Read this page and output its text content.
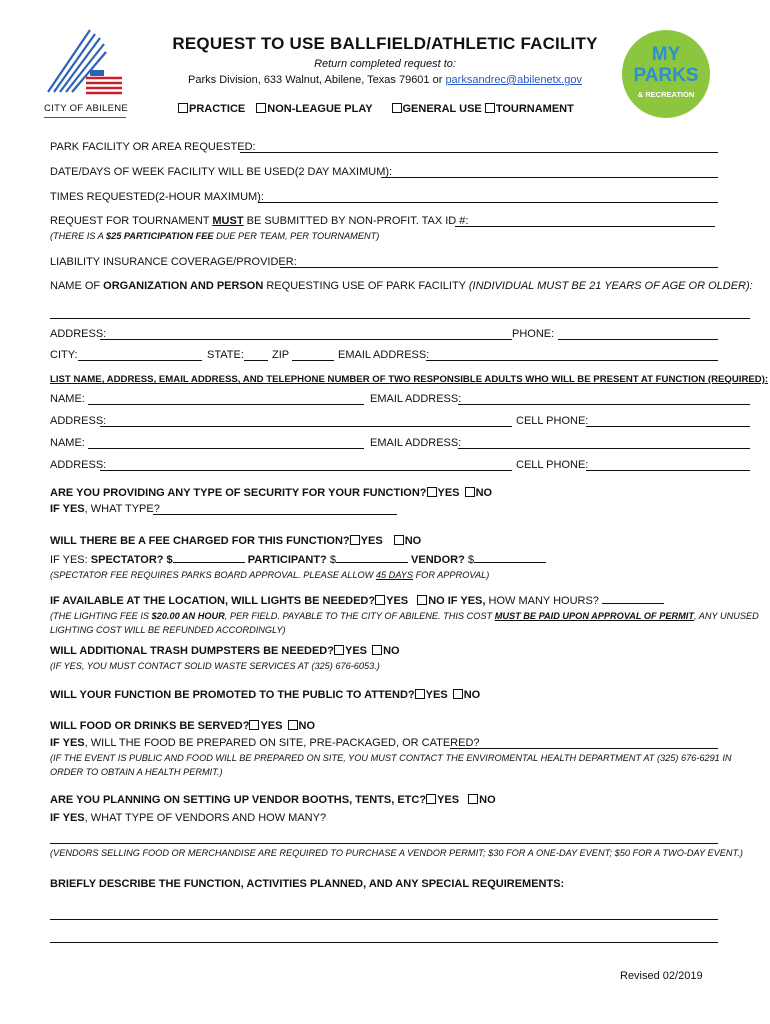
CITY OF ABILENE
MY
PARKS
& RECREATION
REQUEST TO USE BALLFIELD/ATHLETIC FACILITY
Return completed request to:
Parks Division, 633 Walnut, Abilene, Texas 79601 or parksandrec@abilenetx.gov
PRACTICE NON-LEAGUE PLAY	GENERAL USE TOURNAMENT
PARK FACILITY OR AREA REQUESTED:
DATE/DAYS OF WEEK FACILITY WILL BE USED(2 DAY MAXIMUM):
TIMES REQUESTED(2-HOUR MAXIMUM):
REQUEST FOR TOURNAMENT MUST BE SUBMITTED BY NON-PROFIT. TAX ID #:
(THERE IS A $25 PARTICIPATION FEE DUE PER TEAM, PER TOURNAMENT)
LIABILITY INSURANCE COVERAGE/PROVIDER:
NAME OF ORGANIZATION AND PERSON REQUESTING USE OF PARK FACILITY (INDIVIDUAL MUST BE 21 YEARS OF AGE OR OLDER):
ADDRESS:	PHONE:
CITY:	STATE:	ZIP	EMAIL ADDRESS:
LIST NAME, ADDRESS, EMAIL ADDRESS, AND TELEPHONE NUMBER OF TWO RESPONSIBLE ADULTS WHO WILL BE PRESENT AT FUNCTION (REQUIRED):
NAME:	EMAIL ADDRESS:
ADDRESS:	CELL PHONE:
NAME:	EMAIL ADDRESS:
ADDRESS:	CELL PHONE:
ARE YOU PROVIDING ANY TYPE OF SECURITY FOR YOUR FUNCTION? YES NO
IF YES, WHAT TYPE?
WILL THERE BE A FEE CHARGED FOR THIS FUNCTION? YES NO
IF YES: SPECTATOR? $	PARTICIPANT? $	VENDOR? $
(SPECTATOR FEE REQUIRES PARKS BOARD APPROVAL. PLEASE ALLOW 45 DAYS FOR APPROVAL)
IF AVAILABLE AT THE LOCATION, WILL LIGHTS BE NEEDED? YES NO IF YES, HOW MANY HOURS?
(THE LIGHTING FEE IS $20.00 AN HOUR, PER FIELD. PAYABLE TO THE CITY OF ABILENE. THIS COST MUST BE PAID UPON APPROVAL OF PERMIT, ANY UNUSED
LIGHTING COST WILL BE REFUNDED ACCORDINGLY)
WILL ADDITIONAL TRASH DUMPSTERS BE NEEDED? YES NO
(IF YES, YOU MUST CONTACT SOLID WASTE SERVICES AT (325) 676-6053.)
WILL YOUR FUNCTION BE PROMOTED TO THE PUBLIC TO ATTEND? YES NO
WILL FOOD OR DRINKS BE SERVED? YES NO
IF YES, WILL THE FOOD BE PREPARED ON SITE, PRE-PACKAGED, OR CATERED?
(IF THE EVENT IS PUBLIC AND FOOD WILL BE PREPARED ON SITE, YOU MUST CONTACT THE ENVIROMENTAL HEALTH DEPARTMENT AT (325) 676-6291 IN
ORDER TO OBTAIN A HEALTH PERMIT.)
ARE YOU PLANNING ON SETTING UP VENDOR BOOTHS, TENTS, ETC? YES NO
IF YES, WHAT TYPE OF VENDORS AND HOW MANY?
(VENDORS SELLING FOOD OR MERCHANDISE ARE REQUIRED TO PURCHASE A VENDOR PERMIT; $30 FOR A ONE-DAY EVENT; $50 FOR A TWO-DAY EVENT.)
BRIEFLY DESCRIBE THE FUNCTION, ACTIVITIES PLANNED, AND ANY SPECIAL REQUIREMENTS:
Revised 02/2019
